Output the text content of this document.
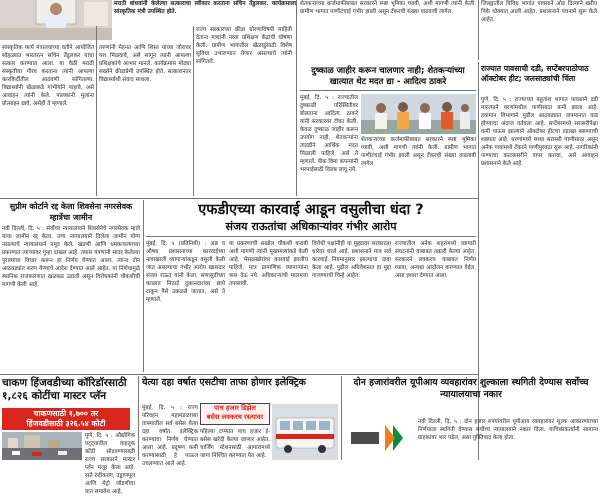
मराठी बांधवांनी केलेल्या सत्काराचा स्वीकार करताना सचिन तेंडुलकर. कार्यक्रमाला सांस्कृतिक मंत्री उपस्थित होते.
सांस्कृतिक कार्य मंत्रालयाच्या वतीने आयोजित सोहळ्यात भारतरत्न सचिन तेंडुलकर यांचा सत्कार करण्यात आला. या वेळी मराठी संस्कृतीचा गौरव करताना त्यांनी आपल्या कारकिर्दीतील आठवणी सांगितल्या. विद्यार्थ्यांनी खेळाकडे गांभीर्याने पाहावे, असे आवाहन त्यांनी केले. पालकांनी मुलांना प्रोत्साहन द्यावे, असेही ते म्हणाले.
तरुणांनी मेहनत आणि शिस्त यांच्या जोरावर यश मिळवावे, असे सांगून त्यांनी आपल्या प्रशिक्षकांचे आभार मानले. कार्यक्रमास मोठ्या संख्येने क्रीडाप्रेमी उपस्थित होते. सत्कारानंतर विद्यार्थ्यांशी संवाद साधला.
राज्य सरकारच्या क्रीडा धोरणाविषयी माहिती देताना मंत्र्यांनी नव्या प्रशिक्षण केंद्रांची घोषणा केली. ग्रामीण भागातील खेळाडूंसाठी विशेष सुविधा उभारण्यात येणार असल्याचे त्यांनी सांगितले.
शेतकऱ्यांच्या कर्जमाफीबाबत सरकारने स्पष्ट भूमिका घ्यावी, अशी मागणी त्यांनी केली. ग्रामीण भागात पाणीटंचाई गंभीर झाली असून टँकरची संख्या वाढवावी लागेल.
जिल्ह्यातील विविध भागांत पावसाने ओढ दिल्याने खरीप पिके धोक्यात आली आहेत. प्रशासनाने पंचनामे सुरू केले आहेत.
दुष्काळ जाहीर करून चालणार नाही; शेतकऱ्यांच्या खात्यात थेट मदत द्या - आदित्य ठाकरे
मुंबई, दि. ५ : राज्यातील दुष्काळी परिस्थितीवर बोलताना आदित्य ठाकरे यांनी सरकारवर टीका केली. केवळ दुष्काळ जाहीर करून उपयोग नाही, शेतकऱ्यांना तातडीने आर्थिक मदत मिळाली पाहिजे, असे ते म्हणाले. पीक विमा कंपन्यांनी भरपाईसाठी विलंब लावू नये.
शेतकऱ्यांच्या कर्जमाफीबाबत सरकारने स्पष्ट भूमिका घ्यावी, अशी मागणी त्यांनी केली. ग्रामीण भागात पाणीटंचाई गंभीर झाली असून टँकरची संख्या वाढवावी लागेल.
राज्यात पावसाची दडी, सप्टेंबरपाठोपाठ ऑक्टोबर हीट; जलसाठ्यांची चिंता
पुणे, दि. ५ : राज्याच्या बहुतांश भागात पावसाने दडी मारल्याने धरणांमधील पाणीसाठा कमी झाला आहे. हवामान विभागाने पुढील आठवड्यात तापमानात वाढ होण्याचा अंदाज वर्तवला आहे. सप्टेंबरमध्ये सरासरीपेक्षा कमी पाऊस झाल्याने ऑक्टोबर हीटचा तडाखा बसण्याची शक्यता आहे. धरणांमध्ये सध्या सरासरी पाणीसाठा असून अनेक गावांमध्ये टँकरने पाणीपुरवठा सुरू आहे. नागरिकांनी पाण्याचा काटकसरीने वापर करावा, असे आवाहन प्रशासनाने केले आहे.
सुप्रीम कोर्टाने रद्द केला शिवसेना नगरसेवक म्हात्रेंचा जामीन
नवी दिल्ली, दि. ५ : सर्वोच्च न्यायालयाने शिवसेनेचे नगरसेवक म्हात्रे यांचा जामीन रद्द केला. उच्च न्यायालयाने दिलेला जामीन योग्य नसल्याचे न्यायालयाने नमूद केले. खंडणी आणि धमकावल्याच्या प्रकरणात त्यांच्यावर गुन्हा दाखल आहे. तपास यंत्रणांनी सादर केलेल्या पुराव्यांचा विचार करून हा निर्णय घेण्यात आला. त्यांना दोन आठवड्यांत शरण येण्याचे आदेश देण्यात आले आहेत. या निर्णयामुळे स्थानिक राजकारणात खळबळ उडाली असून विरोधकांनी चौकशीची मागणी केली आहे.
एफडीएच्या कारवाई आडून वसुलीचा धंदा ?
संजय राऊतांचा अधिकाऱ्यांवर गंभीर आरोप
मुंबई, दि. ५ (प्रतिनिधी) : अन्न व औषध प्रशासनाच्या कारवाईच्या नावाखाली व्यापाऱ्यांकडून वसुली केली जात असल्याचा गंभीर आरोप खासदार संजय राऊत यांनी केला. सणासुदीच्या काळात मिठाई दुकानदारांवर छापे टाकून पैसे उकळले जातात, असे ते म्हणाले.
या प्रकरणाची सखोल चौकशी करावी अशी मागणी त्यांनी मुख्यमंत्र्यांकडे केली आहे. भेसळखोरांवर कारवाई झालीच पाहिजे, मात्र प्रामाणिक व्यापाऱ्यांना त्रास देऊ नये. अधिकाऱ्यांची मालमत्ता तपासावी.
विरोधी पक्षांनीही या मुद्द्यावर सरकारला धारेवर धरले आहे. प्रशासनाने मात्र सर्व कारवाई नियमानुसार झाल्याचा दावा केला आहे. पुढील अधिवेशनात हा मुद्दा गाजण्याची चिन्हे आहेत.
राज्यातील अनेक शहरांमध्ये व्यापारी संघटनांनी याबाबत तक्रारी केल्या आहेत. सरकारने लवकरच याबाबत निर्णय घ्यावा, अन्यथा आंदोलन करण्यात येईल, असा इशारा देण्यात आला.
चाकण हिंजवडीच्या कॉरिडॉरसाठी १,८२६ कोटींचा मास्टर प्लॅन
चाकणसाठी १,७०० तर
हिंजवडीसाठी ३२६.५४ कोटी
पुणे, दि. ५ : औद्योगिक पट्ट्यातील वाहतूक कोंडी सोडवण्यासाठी राज्य सरकारने मास्टर प्लॅन मंजूर केला आहे. रस्ते रुंदीकरण, उड्डाणपूल आणि मेट्रो जोडणीचा यात समावेश आहे.
येत्या दहा वर्षात एसटीचा ताफा होणार इलेक्ट्रिक
मुंबई, दि. ५ : राज्य परिवहन महामंडळाच्या ताफ्यातील सर्व बसेस येत्या दहा वर्षांत इलेक्ट्रिक करण्याचा निर्णय घेण्यात आला आहे. प्रदूषण कमी करण्यासाठी हे पाऊल उचलण्यात आले आहे.
पाच हजार डिझेल
बसेस लवकरच रस्त्यावर
पहिल्या टप्प्यात पाच हजार ई-बसेस खरेदी केल्या जाणार आहेत. चार्जिंग स्टेशनसाठी आगारांमध्ये जागा निश्चित करण्यात येत आहे.
दोन हजारांवरील यूपीआय व्यवहारांवर शुल्काला स्थगिती देण्यास सर्वोच्च न्यायालयाचा नकार
नवी दिल्ली, दि. ५ : दोन हजार रुपयांवरील यूपीआय व्यवहारांवर शुल्क आकारण्याच्या निर्णयाला स्थगिती देण्यास सर्वोच्च न्यायालयाने नकार दिला. याचिकाकर्त्यांनी सामान्य ग्राहकांवर भार पडेल, असा युक्तिवाद केला होता.
